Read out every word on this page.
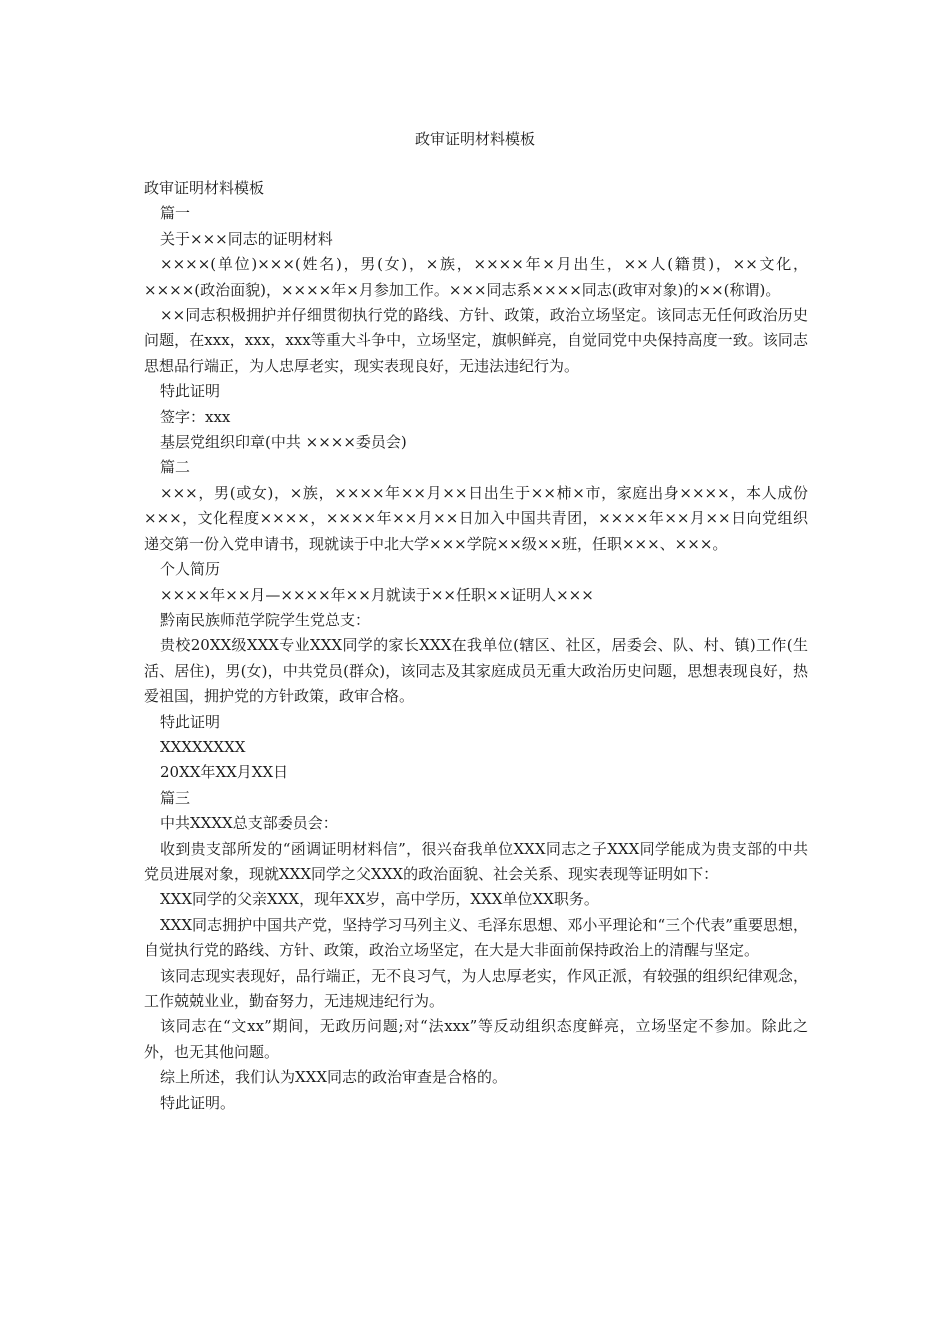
政审证明材料模板

政审证明材料模板

篇一

关于×××同志的证明材料

××××(单位)×××(姓名)，男(女)，×族，××××年×月出生，××人(籍贯)，××文化，××××(政治面貌)，××××年×月参加工作。×××同志系××××同志(政审对象)的××(称谓)。

××同志积极拥护并仔细贯彻执行党的路线、方针、政策，政治立场坚定。该同志无任何政治历史问题，在xxx，xxx，xxx等重大斗争中，立场坚定，旗帜鲜亮，自觉同党中央保持高度一致。该同志思想品行端正，为人忠厚老实，现实表现良好，无违法违纪行为。

特此证明

签字：xxx

基层党组织印章(中共 ××××委员会)

篇二

×××，男(或女)，×族，××××年××月××日出生于××柿×市，家庭出身××××，本人成份×××，文化程度××××，××××年××月××日加入中国共青团，××××年××月××日向党组织递交第一份入党申请书，现就读于中北大学×××学院××级××班，任职×××、×××。

个人简历

××××年××月—××××年××月就读于××任职××证明人×××

黔南民族师范学院学生党总支：

贵校20XX级XXX专业XXX同学的家长XXX在我单位(辖区、社区，居委会、队、村、镇)工作(生活、居住)，男(女)，中共党员(群众)，该同志及其家庭成员无重大政治历史问题，思想表现良好，热爱祖国，拥护党的方针政策，政审合格。

特此证明

XXXXXXXX

20XX年XX月XX日

篇三

中共XXXX总支部委员会：

收到贵支部所发的“函调证明材料信”，很兴奋我单位XXX同志之子XXX同学能成为贵支部的中共党员进展对象，现就XXX同学之父XXX的政治面貌、社会关系、现实表现等证明如下：

XXX同学的父亲XXX，现年XX岁，高中学历，XXX单位XX职务。

XXX同志拥护中国共产党，坚持学习马列主义、毛泽东思想、邓小平理论和“三个代表”重要思想，自觉执行党的路线、方针、政策，政治立场坚定，在大是大非面前保持政治上的清醒与坚定。

该同志现实表现好，品行端正，无不良习气，为人忠厚老实，作风正派，有较强的组织纪律观念，工作兢兢业业，勤奋努力，无违规违纪行为。

该同志在“文xx”期间，无政历问题;对“法xxx”等反动组织态度鲜亮，立场坚定不参加。除此之外，也无其他问题。

综上所述，我们认为XXX同志的政治审查是合格的。

特此证明。
